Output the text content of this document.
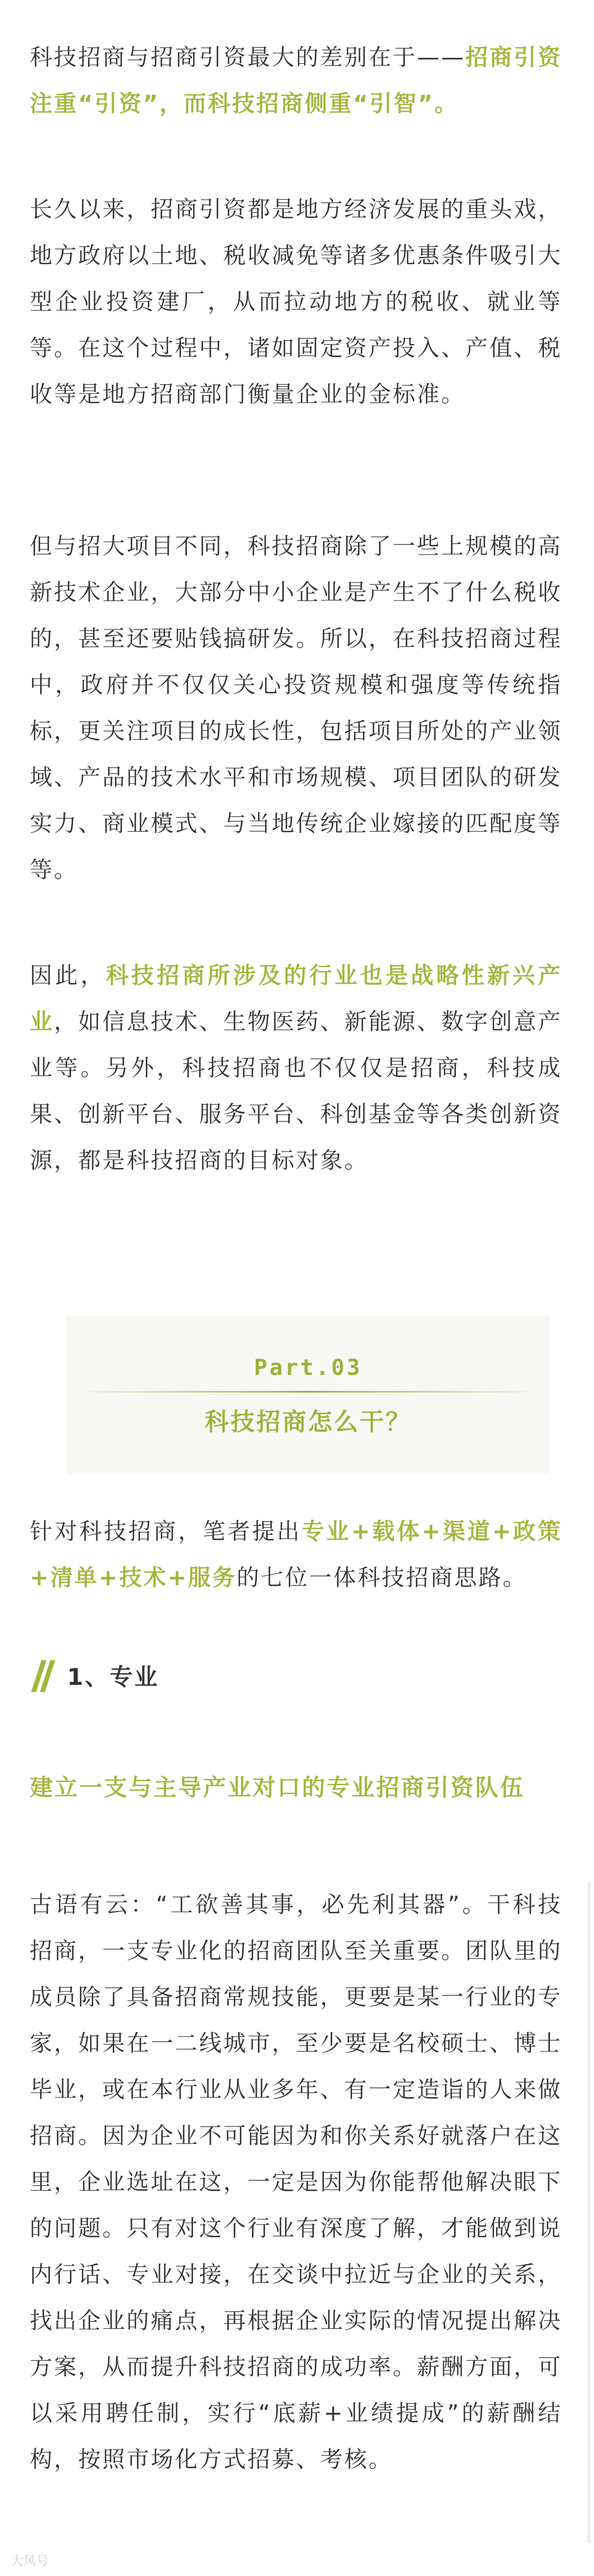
科技招商与招商引资最大的差别在于——招商引资注重“引资”，而科技招商侧重“引智”。

长久以来，招商引资都是地方经济发展的重头戏，地方政府以土地、税收减免等诸多优惠条件吸引大型企业投资建厂，从而拉动地方的税收、就业等等。在这个过程中，诸如固定资产投入、产值、税收等是地方招商部门衡量企业的金标准。

但与招大项目不同，科技招商除了一些上规模的高新技术企业，大部分中小企业是产生不了什么税收的，甚至还要贴钱搞研发。所以，在科技招商过程中，政府并不仅仅关心投资规模和强度等传统指标，更关注项目的成长性，包括项目所处的产业领域、产品的技术水平和市场规模、项目团队的研发实力、商业模式、与当地传统企业嫁接的匹配度等等。

因此，科技招商所涉及的行业也是战略性新兴产业，如信息技术、生物医药、新能源、数字创意产业等。另外，科技招商也不仅仅是招商，科技成果、创新平台、服务平台、科创基金等各类创新资源，都是科技招商的目标对象。

针对科技招商，笔者提出专业+载体+渠道+政策+清单+技术+服务的七位一体科技招商思路。

古语有云：“工欲善其事，必先利其器”。干科技招商，一支专业化的招商团队至关重要。团队里的成员除了具备招商常规技能，更要是某一行业的专家，如果在一二线城市，至少要是名校硕士、博士毕业，或在本行业从业多年、有一定造诣的人来做招商。因为企业不可能因为和你关系好就落户在这里，企业选址在这，一定是因为你能帮他解决眼下的问题。只有对这个行业有深度了解，才能做到说内行话、专业对接，在交谈中拉近与企业的关系，找出企业的痛点，再根据企业实际的情况提出解决方案，从而提升科技招商的成功率。薪酬方面，可以采用聘任制，实行“底薪+业绩提成”的薪酬结构，按照市场化方式招募、考核。

Part.03
科技招商怎么干？
1、专业

建立一支与主导产业对口的专业招商引资队伍

大风号
